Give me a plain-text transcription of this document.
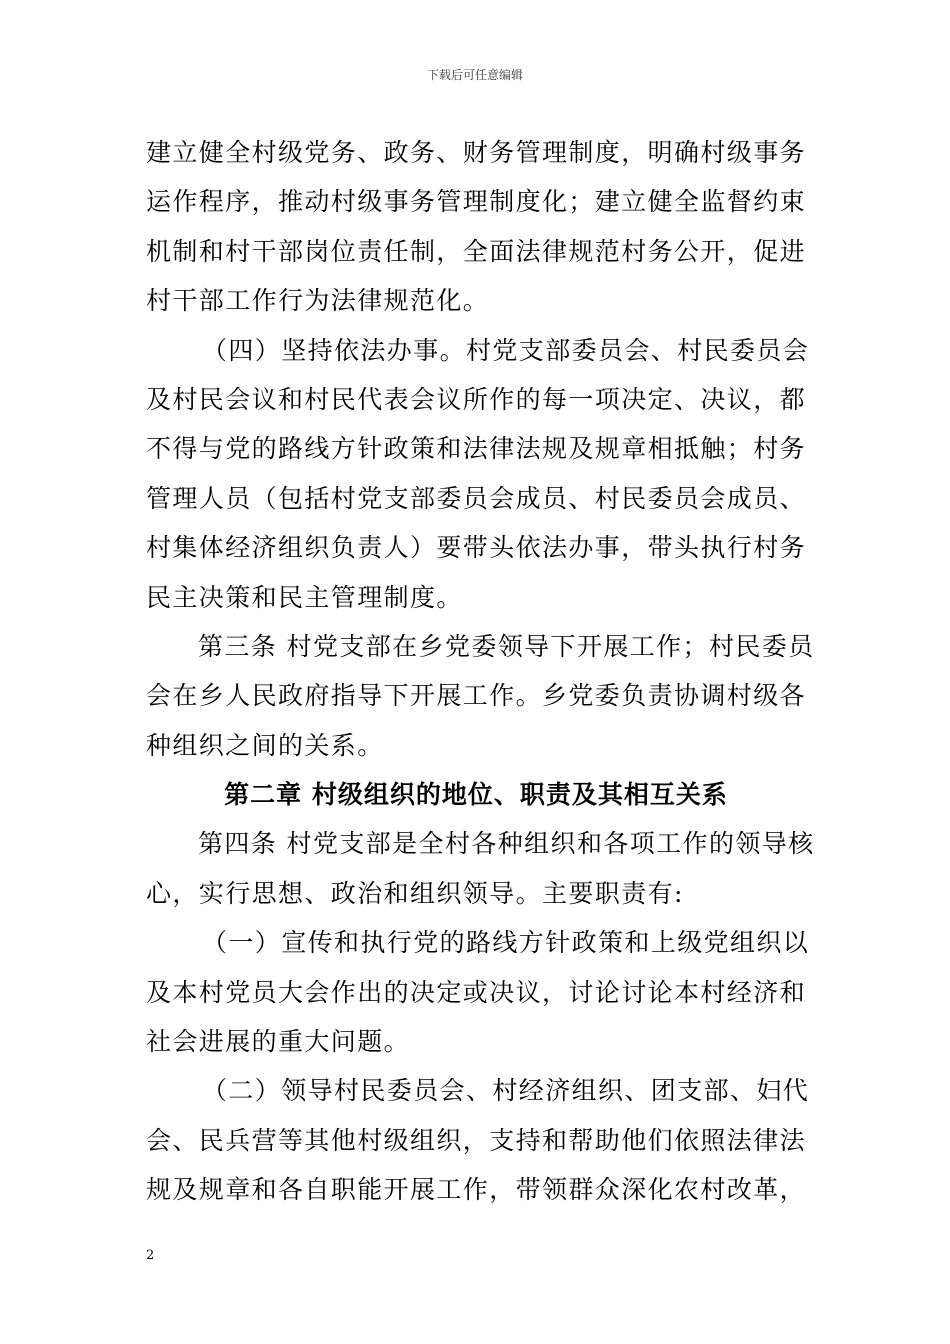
下载后可任意编辑
建立健全村级党务、政务、财务管理制度，明确村级事务
运作程序，推动村级事务管理制度化；建立健全监督约束
机制和村干部岗位责任制，全面法律规范村务公开，促进
村干部工作行为法律规范化。
（四）坚持依法办事。村党支部委员会、村民委员会
及村民会议和村民代表会议所作的每一项决定、决议，都
不得与党的路线方针政策和法律法规及规章相抵触；村务
管理人员（包括村党支部委员会成员、村民委员会成员、
村集体经济组织负责人）要带头依法办事，带头执行村务
民主决策和民主管理制度。
第三条 村党支部在乡党委领导下开展工作；村民委员
会在乡人民政府指导下开展工作。乡党委负责协调村级各
种组织之间的关系。
第二章 村级组织的地位、职责及其相互关系
第四条 村党支部是全村各种组织和各项工作的领导核
心，实行思想、政治和组织领导。主要职责有:
（一）宣传和执行党的路线方针政策和上级党组织以
及本村党员大会作出的决定或决议，讨论讨论本村经济和
社会进展的重大问题。
（二）领导村民委员会、村经济组织、团支部、妇代
会、民兵营等其他村级组织，支持和帮助他们依照法律法
规及规章和各自职能开展工作，带领群众深化农村改革，
2
